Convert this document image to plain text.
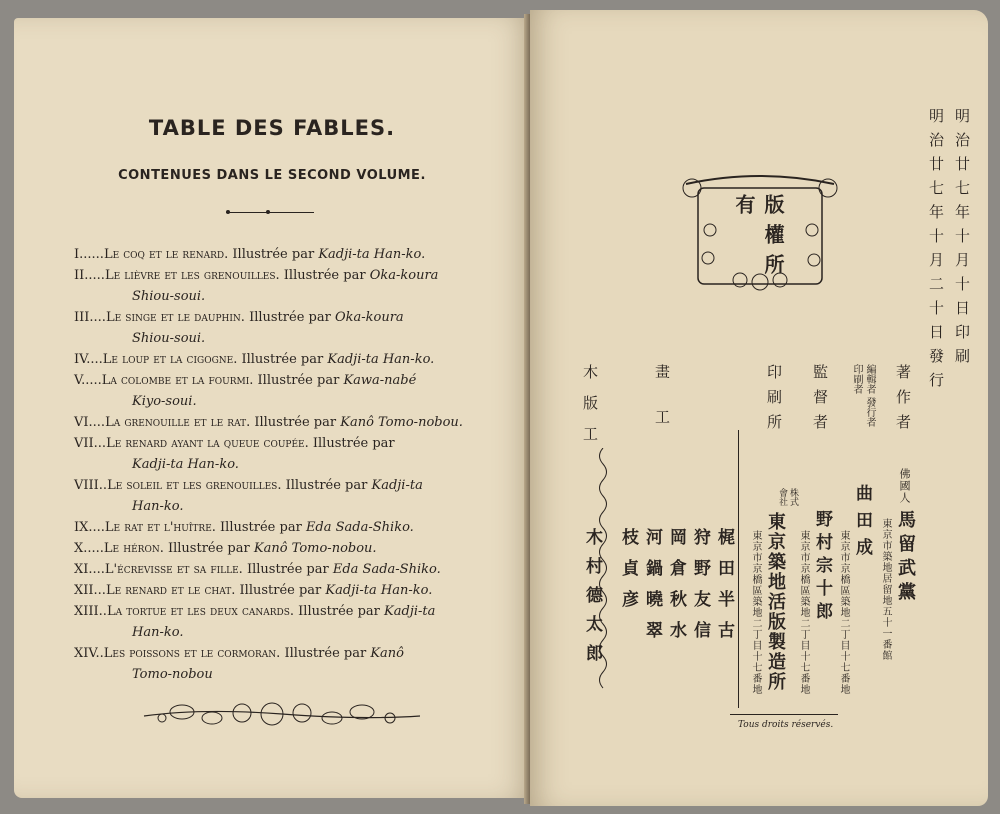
TABLE DES FABLES.
CONTENUES DANS LE SECOND VOLUME.
I...... Le coq et le renard. Illustrée par Kadji-ta Han-ko.
II..... Le lièvre et les grenouilles. Illustrée par Oka-koura
Shiou-soui.
III.... Le singe et le dauphin. Illustrée par Oka-koura
Shiou-soui.
IV.... Le loup et la cigogne. Illustrée par Kadji-ta Han-ko.
V..... La colombe et la fourmi. Illustrée par Kawa-nabé
Kiyo-soui.
VI.... La grenouille et le rat. Illustrée par Kanô Tomo-nobou.
VII... Le renard ayant la queue coupée. Illustrée par
Kadji-ta Han-ko.
VIII.. Le soleil et les grenouilles. Illustrée par Kadji-ta
Han-ko.
IX.... Le rat et l'huître. Illustrée par Eda Sada-Shiko.
X..... Le héron. Illustrée par Kanô Tomo-nobou.
XI.... L'écrevisse et sa fille. Illustrée par Eda Sada-Shiko.
XII... Le renard et le chat. Illustrée par Kadji-ta Han-ko.
XIII.. La tortue et les deux canards. Illustrée par Kadji-ta
Han-ko.
XIV.. Les poissons et le cormoran. Illustrée par Kanô
Tomo-nobou
版權所有	明治廿七年十月十日印刷
明治廿七年十月二十日發行
著作者
佛國人
馬留武黨
東京市築地居留地五十一番館
編輯者 發行者 印刷者
曲田成
東京市京橋區築地二丁目十七番地
監督者
野村宗十郎
東京市京橋區築地二丁目十七番地
印刷所
株式會社
東京築地活版製造所
東京市京橋區築地二丁目十七番地
畫工
梶田半古
狩野友信
岡倉秋水
河鍋曉翠
枝貞彦
木版工
木村德太郎
Tous droits réservés.
